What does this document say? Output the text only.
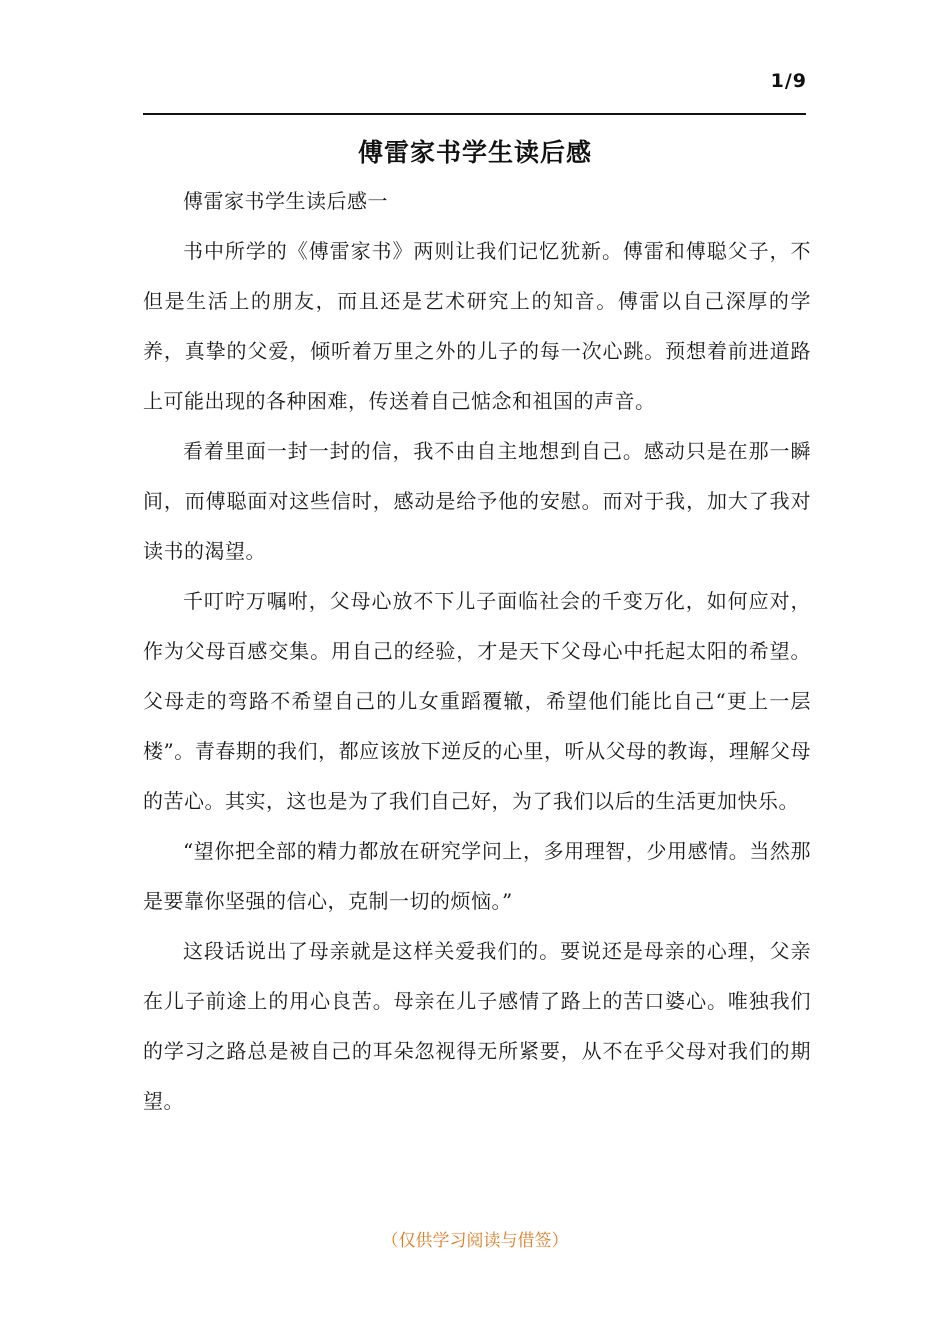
1/9
傅雷家书学生读后感

傅雷家书学生读后感一

书中所学的《傅雷家书》两则让我们记忆犹新。傅雷和傅聪父子，不但是生活上的朋友，而且还是艺术研究上的知音。傅雷以自己深厚的学养，真挚的父爱，倾听着万里之外的儿子的每一次心跳。预想着前进道路上可能出现的各种困难，传送着自己惦念和祖国的声音。

看着里面一封一封的信，我不由自主地想到自己。感动只是在那一瞬间，而傅聪面对这些信时，感动是给予他的安慰。而对于我，加大了我对读书的渴望。

千叮咛万嘱咐，父母心放不下儿子面临社会的千变万化，如何应对，作为父母百感交集。用自己的经验，才是天下父母心中托起太阳的希望。父母走的弯路不希望自己的儿女重蹈覆辙，希望他们能比自己“更上一层楼”。青春期的我们，都应该放下逆反的心里，听从父母的教诲，理解父母的苦心。其实，这也是为了我们自己好，为了我们以后的生活更加快乐。

“望你把全部的精力都放在研究学问上，多用理智，少用感情。当然那是要靠你坚强的信心，克制一切的烦恼。”

这段话说出了母亲就是这样关爱我们的。要说还是母亲的心理，父亲在儿子前途上的用心良苦。母亲在儿子感情了路上的苦口婆心。唯独我们的学习之路总是被自己的耳朵忽视得无所紧要，从不在乎父母对我们的期望。

（仅供学习阅读与借签）
